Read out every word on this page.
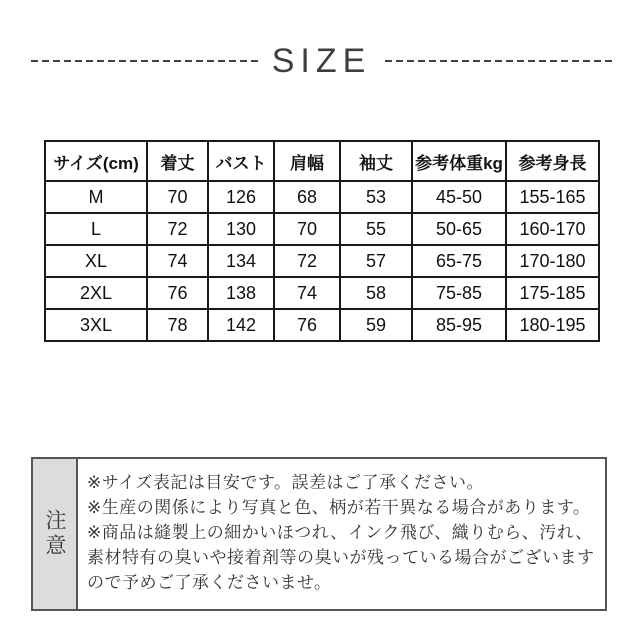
SIZE
サイズ(cm)	着丈	バスト	肩幅	袖丈	参考体重kg	参考身長
M	70	126	68	53	45-50	155-165
L	72	130	70	55	50-65	160-170
XL	74	134	72	57	65-75	170-180
2XL	76	138	74	58	75-85	175-185
3XL	78	142	76	59	85-95	180-195
注意
※サイズ表記は目安です。誤差はご了承ください。
※生産の関係により写真と色、柄が若干異なる場合があります。
※商品は縫製上の細かいほつれ、インク飛び、織りむら、汚れ、素材特有の臭いや接着剤等の臭いが残っている場合がございますので予めご了承くださいませ。
